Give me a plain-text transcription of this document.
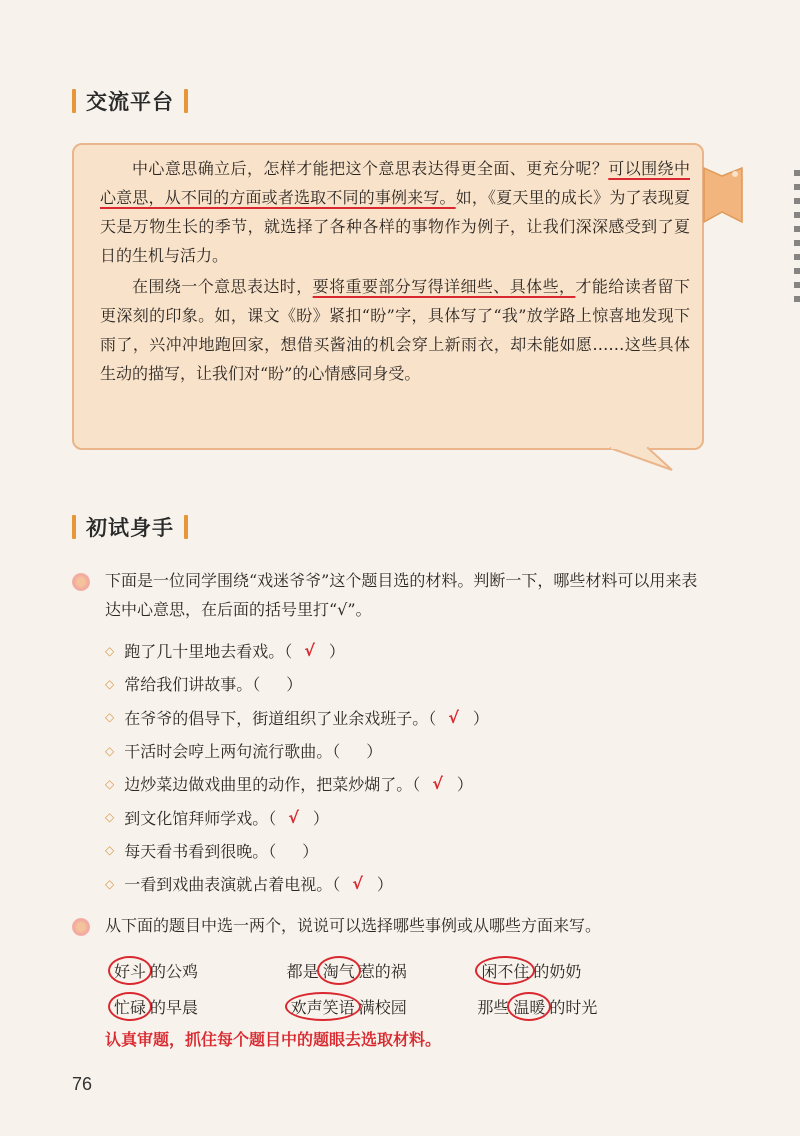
交流平台

中心意思确立后，怎样才能把这个意思表达得更全面、更充分呢？可以围绕中心意思，从不同的方面或者选取不同的事例来写。如，《夏天里的成长》为了表现夏天是万物生长的季节，就选择了各种各样的事物作为例子，让我们深深感受到了夏日的生机与活力。

在围绕一个意思表达时，要将重要部分写得详细些、具体些，才能给读者留下更深刻的印象。如，课文《盼》紧扣“盼”字，具体写了“我”放学路上惊喜地发现下雨了，兴冲冲地跑回家，想借买酱油的机会穿上新雨衣，却未能如愿……这些具体生动的描写，让我们对“盼”的心情感同身受。

初试身手
下面是一位同学围绕“戏迷爷爷”这个题目选的材料。判断一下，哪些材料可以用来表达中心意思，在后面的括号里打“√”。
◇ 跑了几十里地去看戏。（ √ ）
◇ 常给我们讲故事。（ ）
◇ 在爷爷的倡导下，街道组织了业余戏班子。（ √ ）
◇ 干活时会哼上两句流行歌曲。（ ）
◇ 边炒菜边做戏曲里的动作，把菜炒煳了。（ √ ）
◇ 到文化馆拜师学戏。（ √ ）
◇ 每天看书看到很晚。（ ）
◇ 一看到戏曲表演就占着电视。（ √ ）
从下面的题目中选一两个，说说可以选择哪些事例或从哪些方面来写。
好斗 的公鸡	都是 淘气 惹的祸	闲不住 的奶奶
忙碌 的早晨	欢声笑语 满校园	那些 温暖 的时光
认真审题，抓住每个题目中的题眼去选取材料。
76
